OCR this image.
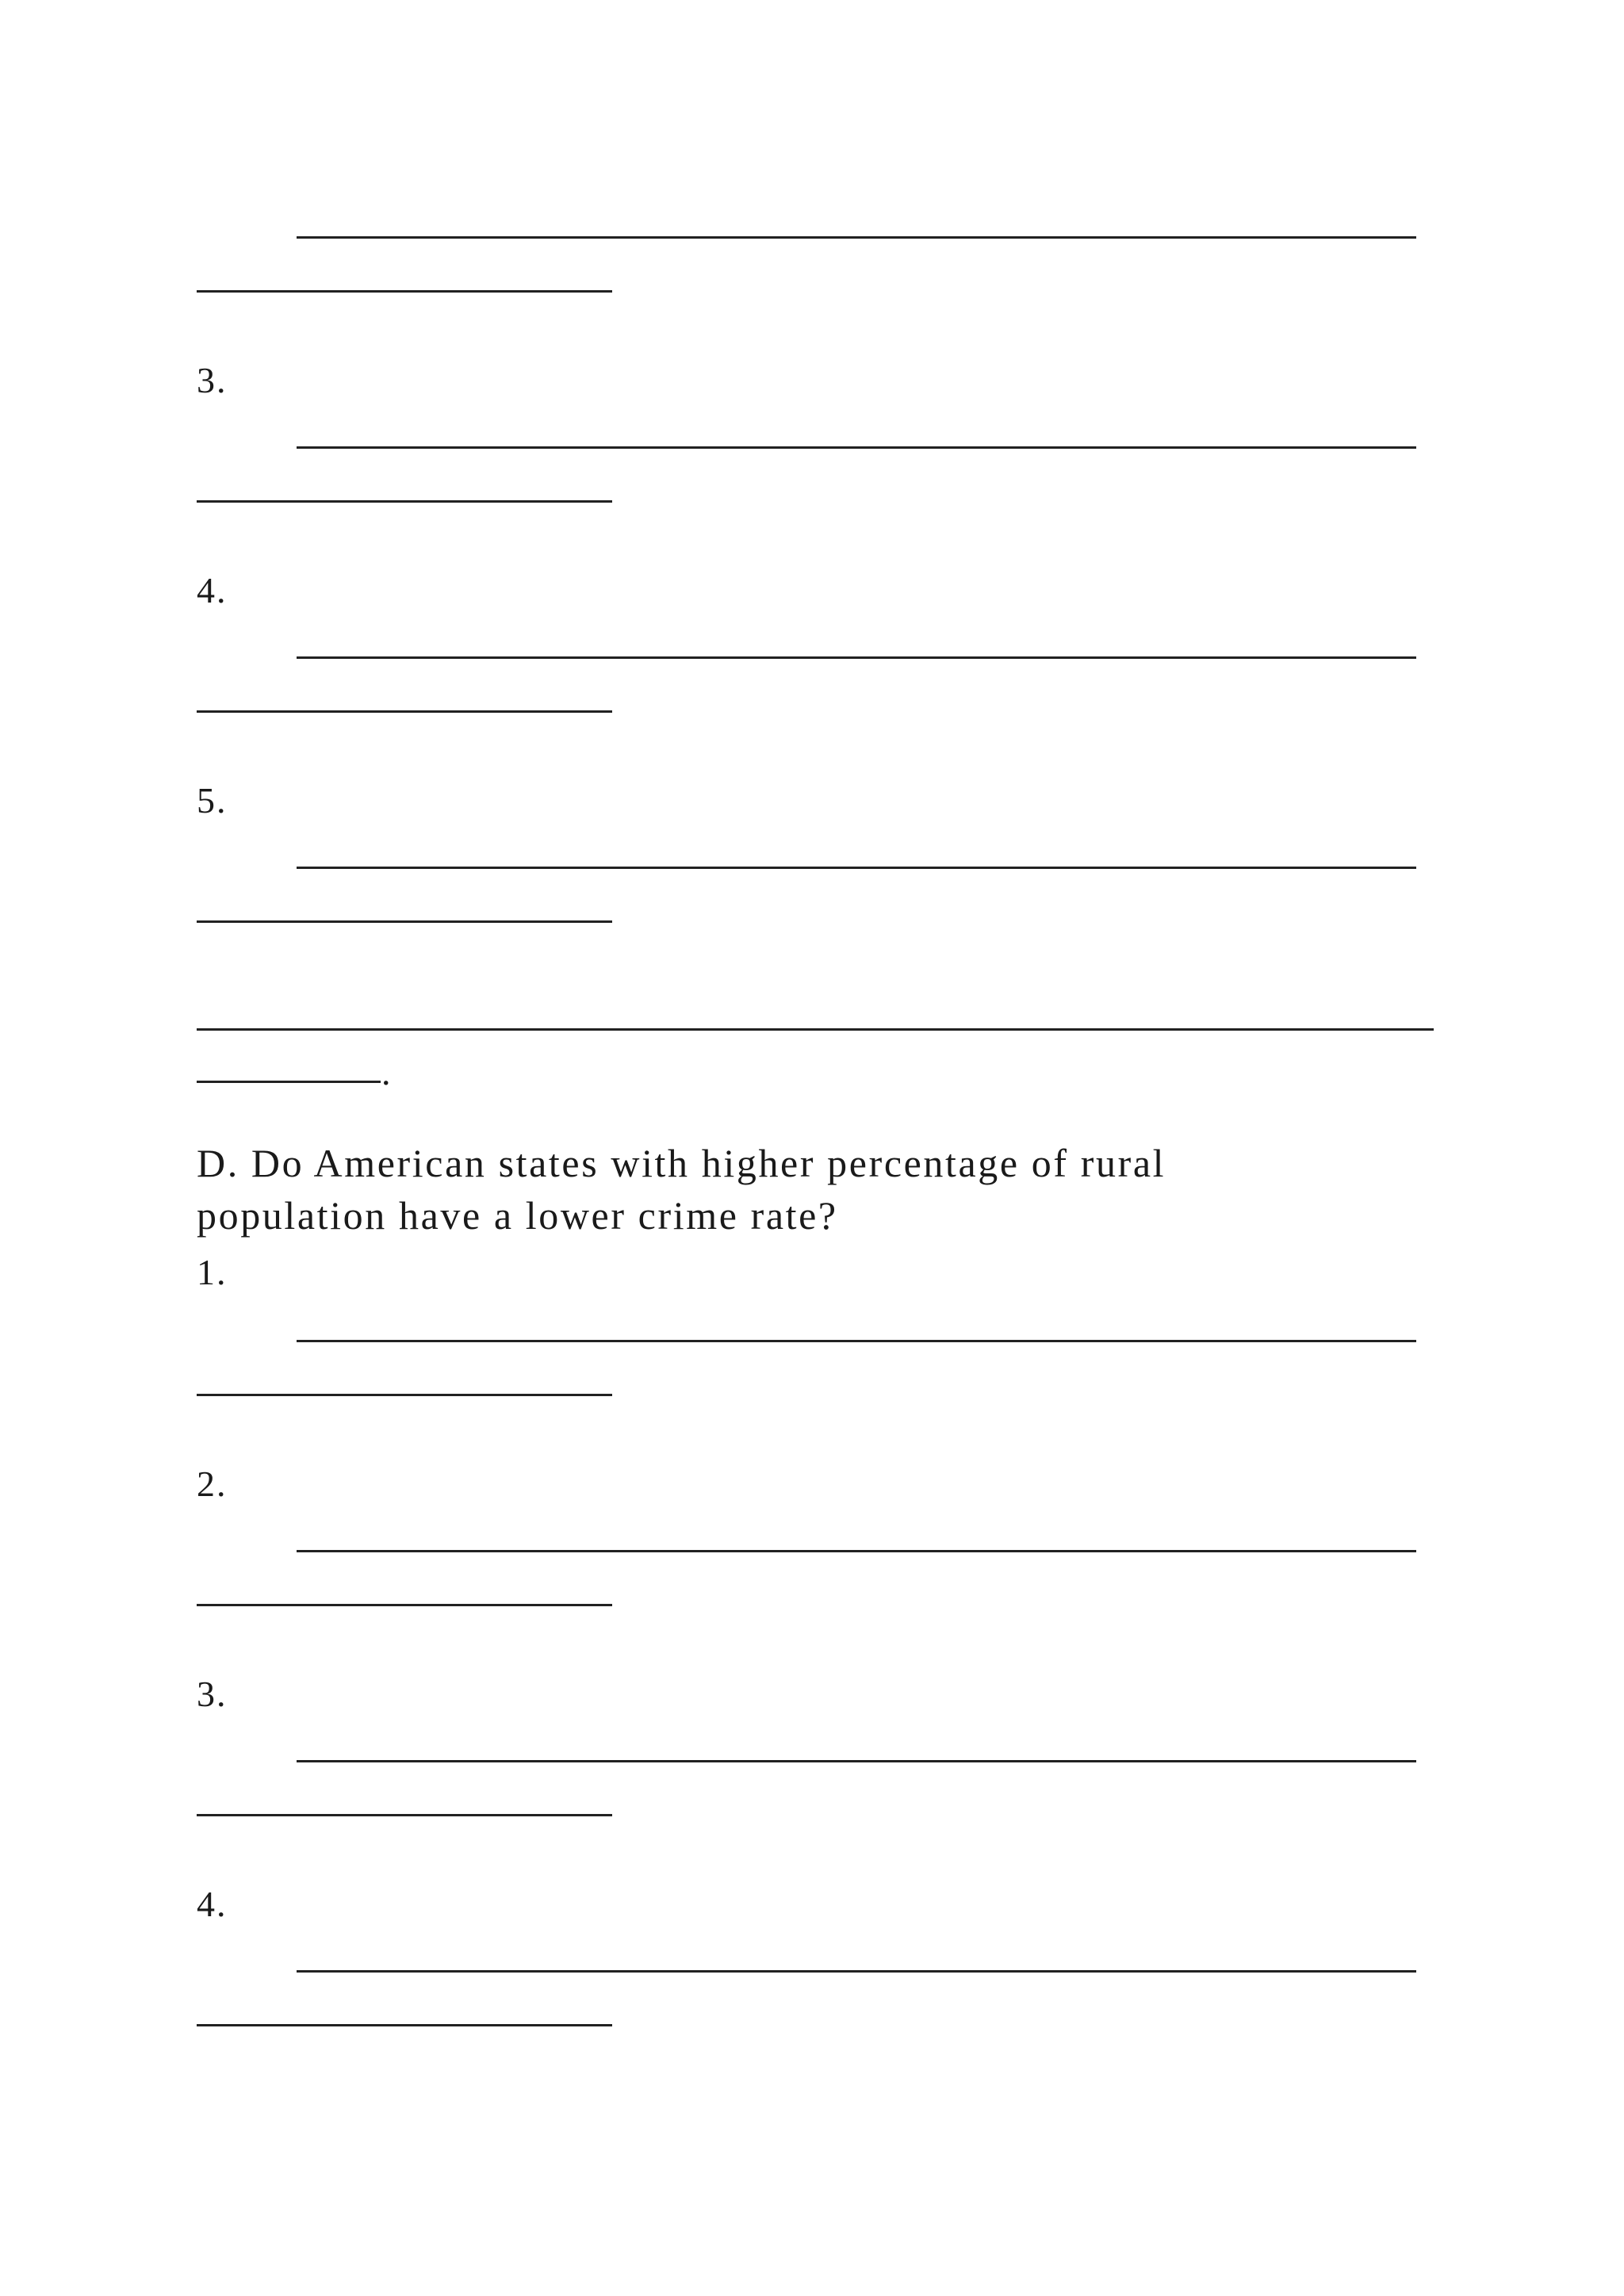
3.
4.
5.
.

D. Do American states with higher percentage of rural

population have a lower crime rate?

1.
2.
3.
4.
